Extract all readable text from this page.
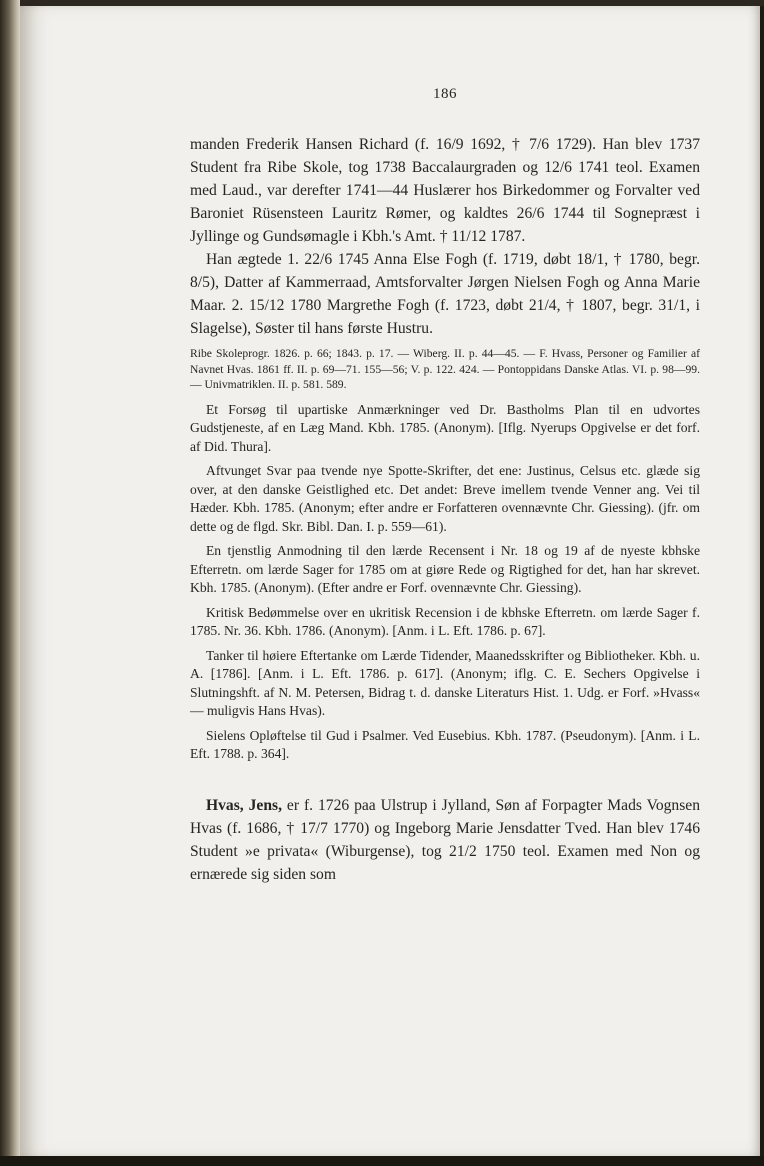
186

manden Frederik Hansen Richard (f. 16/9 1692, † 7/6 1729). Han blev 1737 Student fra Ribe Skole, tog 1738 Baccalaurgraden og 12/6 1741 teol. Examen med Laud., var derefter 1741—44 Huslærer hos Birkedommer og Forvalter ved Baroniet Rüsensteen Lauritz Rømer, og kaldtes 26/6 1744 til Sognepræst i Jyllinge og Gundsømagle i Kbh.'s Amt. † 11/12 1787.

Han ægtede 1. 22/6 1745 Anna Else Fogh (f. 1719, døbt 18/1, † 1780, begr. 8/5), Datter af Kammerraad, Amtsforvalter Jørgen Nielsen Fogh og Anna Marie Maar. 2. 15/12 1780 Margrethe Fogh (f. 1723, døbt 21/4, † 1807, begr. 31/1, i Slagelse), Søster til hans første Hustru.

Ribe Skoleprogr. 1826. p. 66; 1843. p. 17. — Wiberg. II. p. 44—45. — F. Hvass, Personer og Familier af Navnet Hvas. 1861 ff. II. p. 69—71. 155—56; V. p. 122. 424. — Pontoppidans Danske Atlas. VI. p. 98—99. — Univmatriklen. II. p. 581. 589.

Et Forsøg til upartiske Anmærkninger ved Dr. Bastholms Plan til en udvortes Gudstjeneste, af en Læg Mand. Kbh. 1785. (Anonym). [Iflg. Nyerups Opgivelse er det forf. af Did. Thura].

Aftvunget Svar paa tvende nye Spotte-Skrifter, det ene: Justinus, Celsus etc. glæde sig over, at den danske Geistlighed etc. Det andet: Breve imellem tvende Venner ang. Vei til Hæder. Kbh. 1785. (Anonym; efter andre er Forfatteren ovennævnte Chr. Giessing). (jfr. om dette og de flgd. Skr. Bibl. Dan. I. p. 559—61).

En tjenstlig Anmodning til den lærde Recensent i Nr. 18 og 19 af de nyeste kbhske Efterretn. om lærde Sager for 1785 om at giøre Rede og Rigtighed for det, han har skrevet. Kbh. 1785. (Anonym). (Efter andre er Forf. ovennævnte Chr. Giessing).

Kritisk Bedømmelse over en ukritisk Recension i de kbhske Efterretn. om lærde Sager f. 1785. Nr. 36. Kbh. 1786. (Anonym). [Anm. i L. Eft. 1786. p. 67].

Tanker til høiere Eftertanke om Lærde Tidender, Maanedsskrifter og Bibliotheker. Kbh. u. A. [1786]. [Anm. i L. Eft. 1786. p. 617]. (Anonym; iflg. C. E. Sechers Opgivelse i Slutningshft. af N. M. Petersen, Bidrag t. d. danske Literaturs Hist. 1. Udg. er Forf. »Hvass« — muligvis Hans Hvas).

Sielens Opløftelse til Gud i Psalmer. Ved Eusebius. Kbh. 1787. (Pseudonym). [Anm. i L. Eft. 1788. p. 364].

Hvas, Jens, er f. 1726 paa Ulstrup i Jylland, Søn af Forpagter Mads Vognsen Hvas (f. 1686, † 17/7 1770) og Ingeborg Marie Jensdatter Tved. Han blev 1746 Student »e privata« (Wiburgense), tog 21/2 1750 teol. Examen med Non og ernærede sig siden som
